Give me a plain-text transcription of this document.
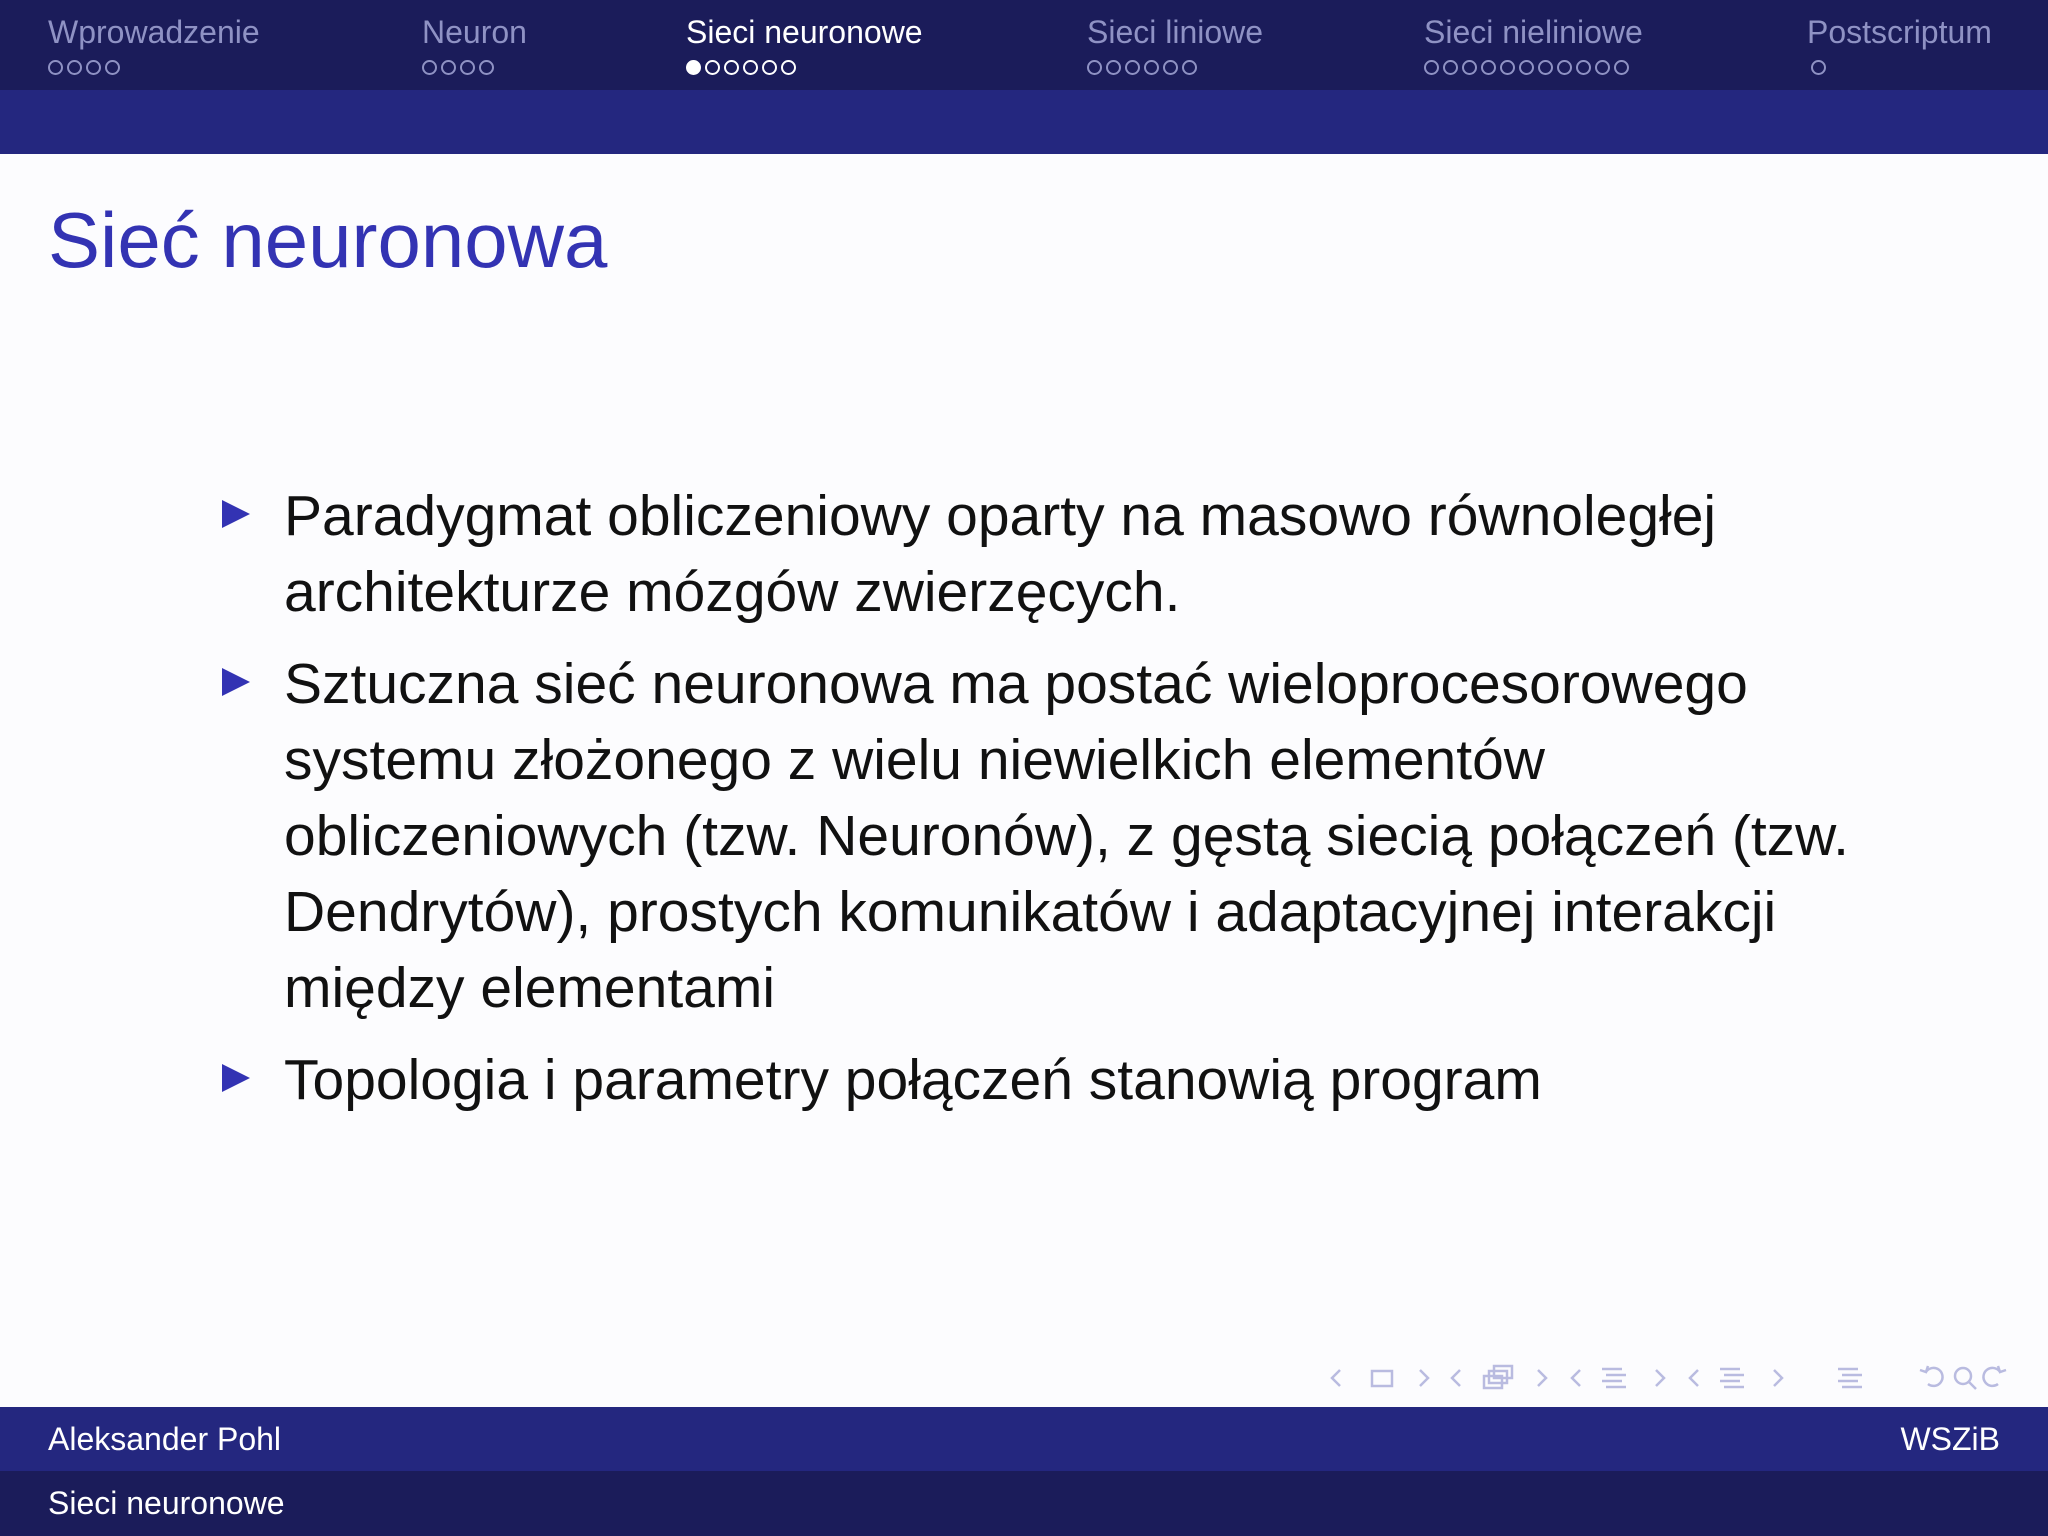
Wprowadzenie	Neuron	Sieci neuronowe	Sieci liniowe	Sieci nieliniowe	Postscriptum
Sieć neuronowa
Paradygmat obliczeniowy oparty na masowo równoległej architekturze mózgów zwierzęcych.
Sztuczna sieć neuronowa ma postać wieloprocesorowego systemu złożonego z wielu niewielkich elementów obliczeniowych (tzw. Neuronów), z gęstą siecią połączeń (tzw. Dendrytów), prostych komunikatów i adaptacyjnej interakcji między elementami
Topologia i parametry połączeń stanowią program
Aleksander Pohl	WSZiB
Sieci neuronowe
